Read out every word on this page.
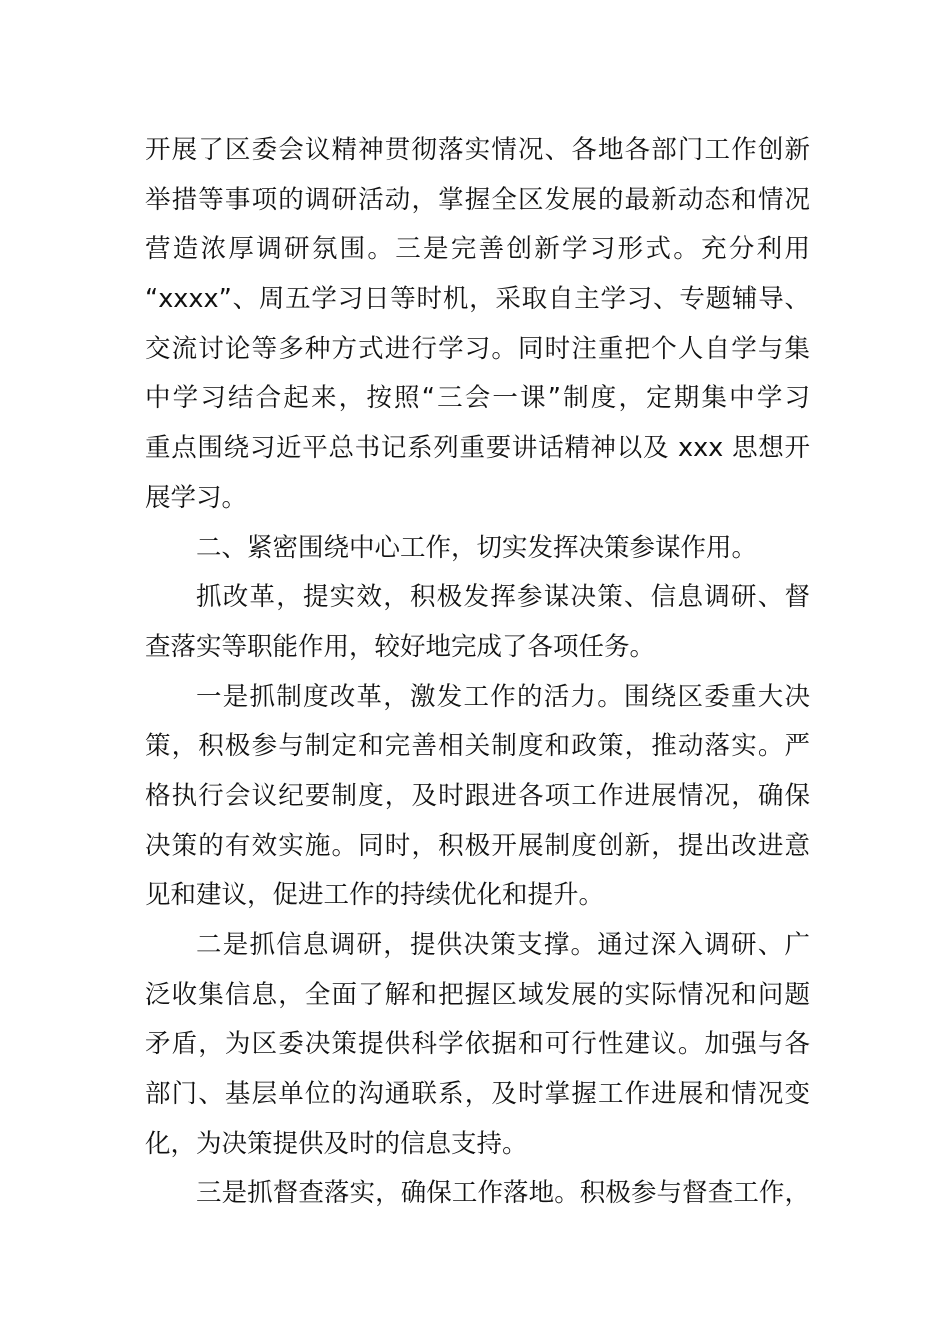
开展了区委会议精神贯彻落实情况、各地各部门工作创新
举措等事项的调研活动，掌握全区发展的最新动态和情况
营造浓厚调研氛围。三是完善创新学习形式。充分利用
“xxxx”、周五学习日等时机，采取自主学习、专题辅导、
交流讨论等多种方式进行学习。同时注重把个人自学与集
中学习结合起来，按照“三会一课”制度，定期集中学习
重点围绕习近平总书记系列重要讲话精神以及 xxx 思想开
展学习。
二、紧密围绕中心工作，切实发挥决策参谋作用。
抓改革，提实效，积极发挥参谋决策、信息调研、督
查落实等职能作用，较好地完成了各项任务。
一是抓制度改革，激发工作的活力。围绕区委重大决
策，积极参与制定和完善相关制度和政策，推动落实。严
格执行会议纪要制度，及时跟进各项工作进展情况，确保
决策的有效实施。同时，积极开展制度创新，提出改进意
见和建议，促进工作的持续优化和提升。
二是抓信息调研，提供决策支撑。通过深入调研、广
泛收集信息，全面了解和把握区域发展的实际情况和问题
矛盾，为区委决策提供科学依据和可行性建议。加强与各
部门、基层单位的沟通联系，及时掌握工作进展和情况变
化，为决策提供及时的信息支持。
三是抓督查落实，确保工作落地。积极参与督查工作，
